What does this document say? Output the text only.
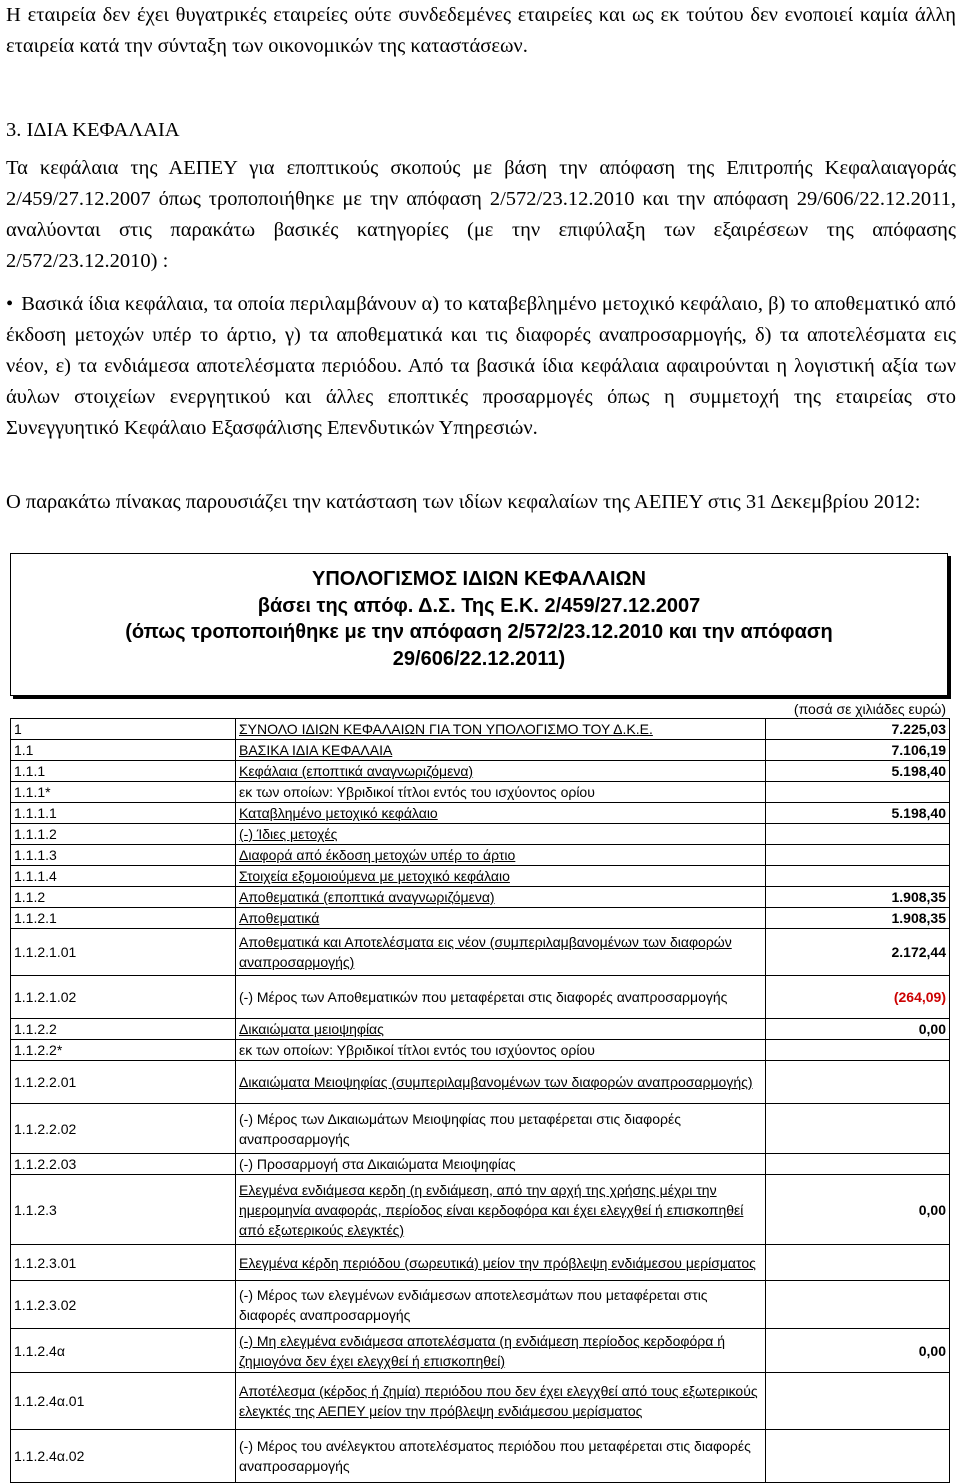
Η εταιρεία δεν έχει θυγατρικές εταιρείες ούτε συνδεδεμένες εταιρείες και ως εκ τούτου δεν ενοποιεί καμία άλλη εταιρεία κατά την σύνταξη των οικονομικών της καταστάσεων.

3. ΙΔΙΑ ΚΕΦΑΛΑΙΑ

Τα κεφάλαια της ΑΕΠΕΥ για εποπτικούς σκοπούς με βάση την απόφαση της Επιτροπής Κεφαλαιαγοράς 2/459/27.12.2007 όπως τροποποιήθηκε με την απόφαση 2/572/23.12.2010 και την απόφαση 29/606/22.12.2011, αναλύονται στις παρακάτω βασικές κατηγορίες (με την επιφύλαξη των εξαιρέσεων της απόφασης 2/572/23.12.2010) :

• Βασικά ίδια κεφάλαια, τα οποία περιλαμβάνουν α) το καταβεβλημένο μετοχικό κεφάλαιο, β) το αποθεματικό από έκδοση μετοχών υπέρ το άρτιο, γ) τα αποθεματικά και τις διαφορές αναπροσαρμογής, δ) τα αποτελέσματα εις νέον, ε) τα ενδιάμεσα αποτελέσματα περιόδου. Από τα βασικά ίδια κεφάλαια αφαιρούνται η λογιστική αξία των άυλων στοιχείων ενεργητικού και άλλες εποπτικές προσαρμογές όπως η συμμετοχή της εταιρείας στο Συνεγγυητικό Κεφάλαιο Εξασφάλισης Επενδυτικών Υπηρεσιών.

Ο παρακάτω πίνακας παρουσιάζει την κατάσταση των ιδίων κεφαλαίων της ΑΕΠΕΥ στις 31 Δεκεμβρίου 2012:

ΥΠΟΛΟΓΙΣΜΟΣ ΙΔΙΩΝ ΚΕΦΑΛΑΙΩΝ
βάσει της απόφ. Δ.Σ. Της Ε.Κ. 2/459/27.12.2007
(όπως τροποποιήθηκε με την απόφαση 2/572/23.12.2010 και την απόφαση
29/606/22.12.2011)
(ποσά σε χιλιάδες ευρώ)
1	ΣΥΝΟΛΟ ΙΔΙΩΝ ΚΕΦΑΛΑΙΩΝ ΓΙΑ ΤΟΝ ΥΠΟΛΟΓΙΣΜΟ ΤΟΥ Δ.Κ.Ε.	7.225,03
1.1	ΒΑΣΙΚΑ ΙΔΙΑ ΚΕΦΑΛΑΙΑ	7.106,19
1.1.1	Κεφάλαια (εποπτικά αναγνωριζόμενα)	5.198,40
1.1.1*	εκ των οποίων: Υβριδικοί τίτλοι εντός του ισχύοντος ορίου	
1.1.1.1	Καταβλημένο μετοχικό κεφάλαιο	5.198,40
1.1.1.2	(-) Ίδιες μετοχές	
1.1.1.3	Διαφορά από έκδοση μετοχών υπέρ το άρτιο	
1.1.1.4	Στοιχεία εξομοιούμενα με μετοχικό κεφάλαιο	
1.1.2	Αποθεματικά (εποπτικά αναγνωριζόμενα)	1.908,35
1.1.2.1	Αποθεματικά	1.908,35
1.1.2.1.01	Αποθεματικά και Αποτελέσματα εις νέον (συμπεριλαμβανομένων των διαφορών αναπροσαρμογής)	2.172,44
1.1.2.1.02	(-) Μέρος των Αποθεματικών που μεταφέρεται στις διαφορές αναπροσαρμογής	(264,09)
1.1.2.2	Δικαιώματα μειοψηφίας	0,00
1.1.2.2*	εκ των οποίων: Υβριδικοί τίτλοι εντός του ισχύοντος ορίου	
1.1.2.2.01	Δικαιώματα Μειοψηφίας (συμπεριλαμβανομένων των διαφορών αναπροσαρμογής)	
1.1.2.2.02	(-) Μέρος των Δικαιωμάτων Μειοψηφίας που μεταφέρεται στις διαφορές αναπροσαρμογής	
1.1.2.2.03	(-) Προσαρμογή στα Δικαιώματα Μειοψηφίας	
1.1.2.3	Ελεγμένα ενδιάμεσα κερδη (η ενδιάμεση, από την αρχή της χρήσης μέχρι την ημερομηνία αναφοράς, περίοδος είναι κερδοφόρα και έχει ελεγχθεί ή επισκοπηθεί από εξωτερικούς ελεγκτές)	0,00
1.1.2.3.01	Ελεγμένα κέρδη περιόδου (σωρευτικά) μείον την πρόβλεψη ενδιάμεσου μερίσματος	
1.1.2.3.02	(-) Μέρος των ελεγμένων ενδιάμεσων αποτελεσμάτων που μεταφέρεται στις διαφορές αναπροσαρμογής	
1.1.2.4α	(-) Μη ελεγμένα ενδιάμεσα αποτελέσματα (η ενδιάμεση περίοδος κερδοφόρα ή ζημιογόνα δεν έχει ελεγχθεί ή επισκοπηθεί)	0,00
1.1.2.4α.01	Αποτέλεσμα (κέρδος ή ζημία) περιόδου που δεν έχει ελεγχθεί από τους εξωτερικούς ελεγκτές της ΑΕΠΕΥ μείον την πρόβλεψη ενδιάμεσου μερίσματος	
1.1.2.4α.02	(-) Μέρος του ανέλεγκτου αποτελέσματος περιόδου που μεταφέρεται στις διαφορές αναπροσαρμογής	
